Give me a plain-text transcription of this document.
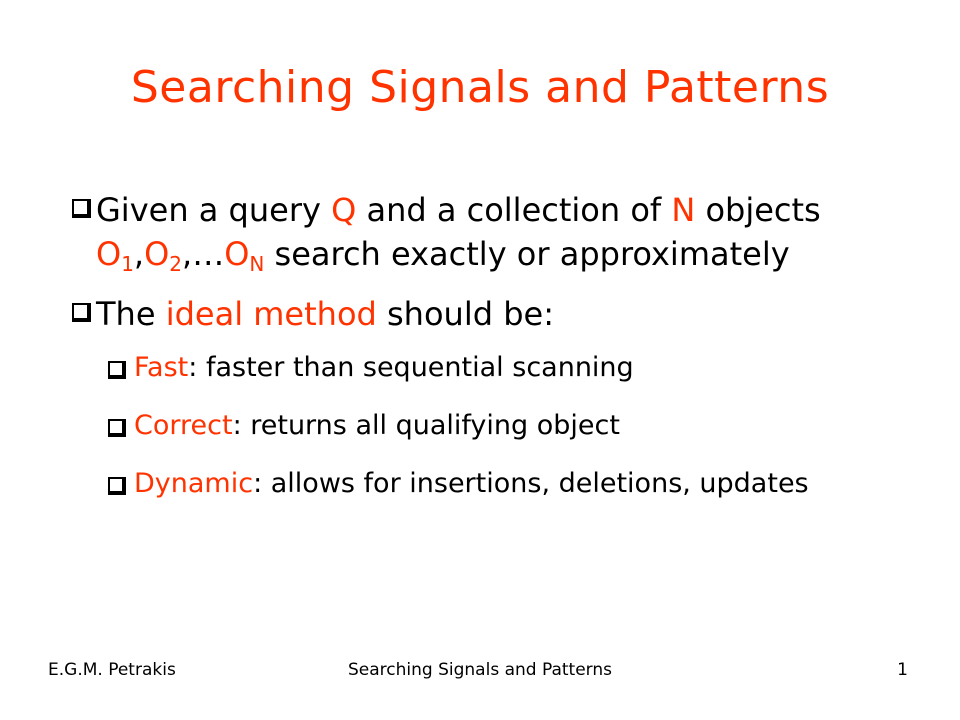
Searching Signals and Patterns
Given a query Q and a collection of N objects $O_1,O_2,\dots O_N$ search exactly or approximately
The ideal method should be:
Fast: faster than sequential scanning
Correct: returns all qualifying object
Dynamic: allows for insertions, deletions, updates
E.G.M. Petrakis	Searching Signals and Patterns	1
